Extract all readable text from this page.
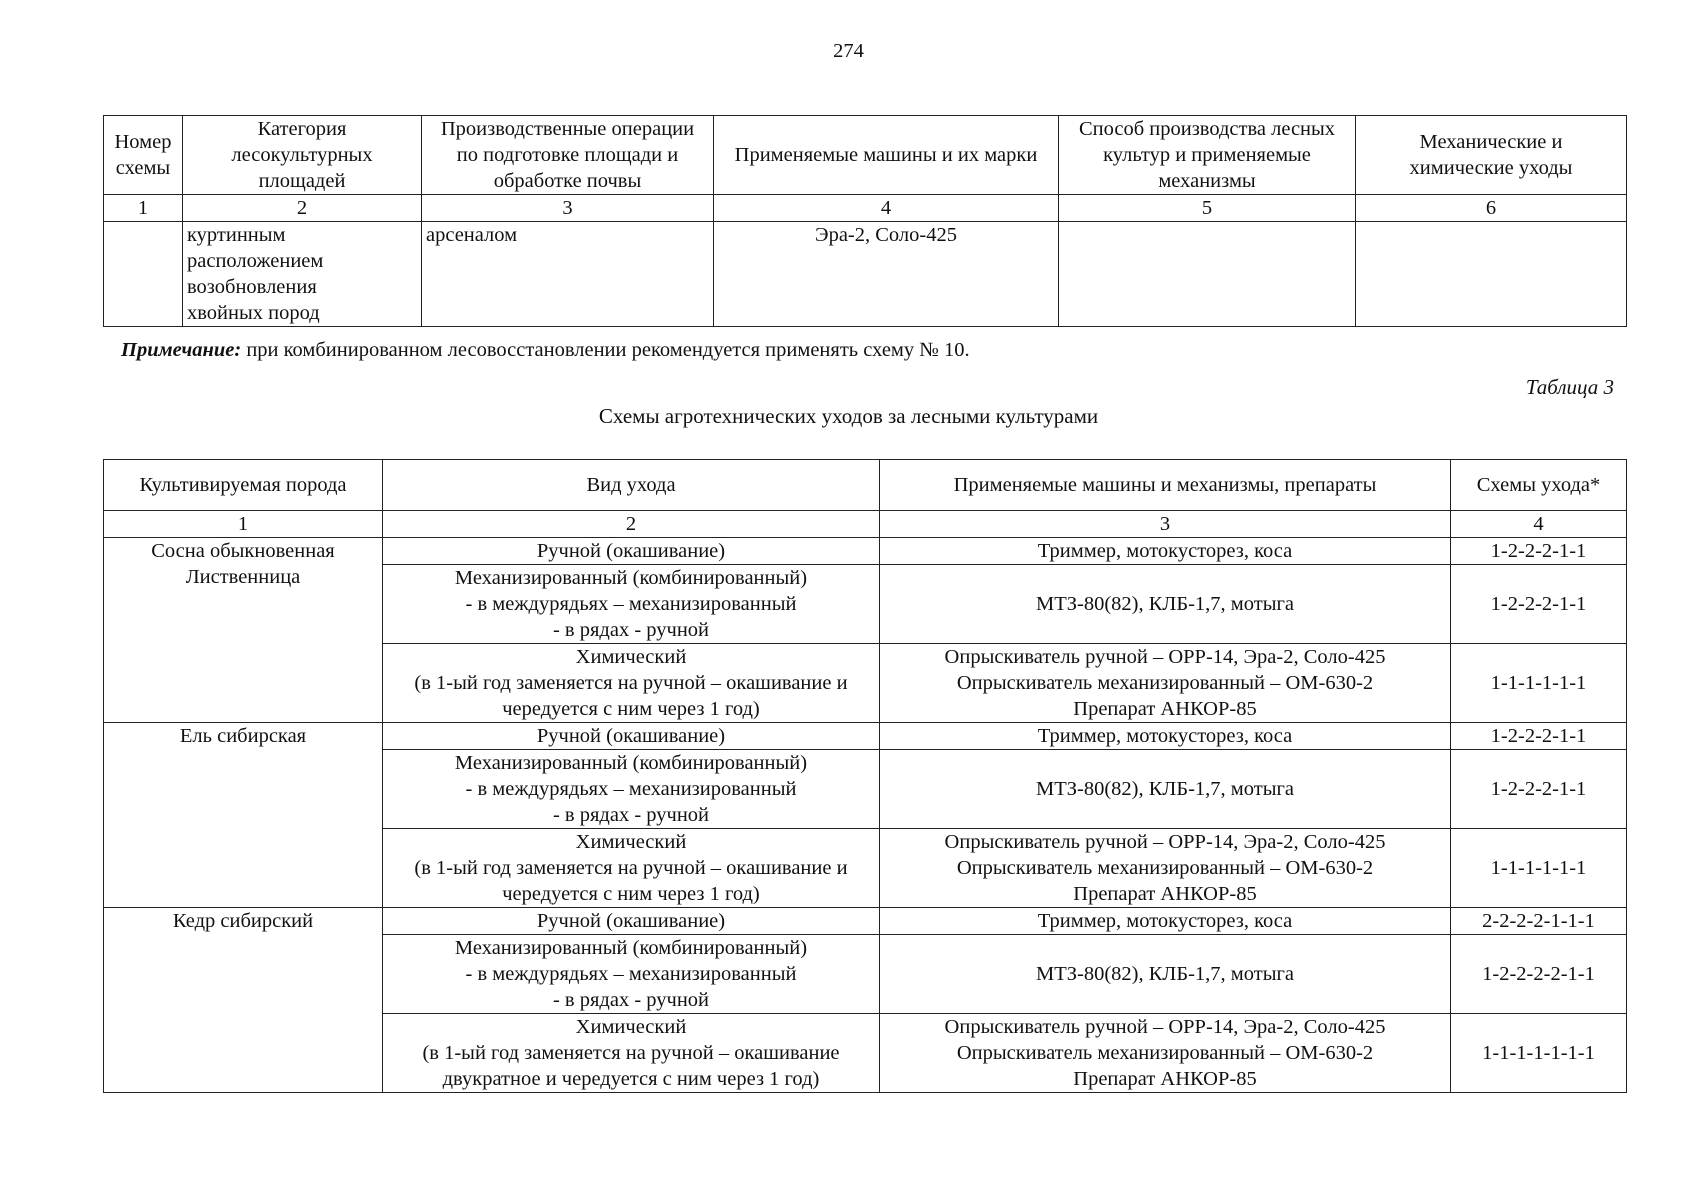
274
Номер
схемы	Категория
лесокультурных
площадей	Производственные операции
по подготовке площади и
обработке почвы	Применяемые машины и их марки	Способ производства лесных
культур и применяемые
механизмы	Механические и
химические уходы
1	2	3	4	5	6
	куртинным
расположением
возобновления
хвойных пород	арсеналом	Эра-2, Соло-425		
Примечание: при комбинированном лесовосстановлении рекомендуется применять схему № 10.
Таблица 3
Схемы агротехнических уходов за лесными культурами
Культивируемая порода	Вид ухода	Применяемые машины и механизмы, препараты	Схемы ухода*
1	2	3	4
Сосна обыкновенная
Лиственница	Ручной (окашивание)	Триммер, мотокусторез, коса	1-2-2-2-1-1
	Механизированный (комбинированный)
- в междурядьях – механизированный
- в рядах - ручной	МТЗ-80(82), КЛБ-1,7, мотыга	1-2-2-2-1-1
	Химический
(в 1-ый год заменяется на ручной – окашивание и
чередуется с ним через 1 год)	Опрыскиватель ручной – ОРР-14, Эра-2, Соло-425
Опрыскиватель механизированный – ОМ-630-2
Препарат АНКОР-85	1-1-1-1-1-1
Ель сибирская	Ручной (окашивание)	Триммер, мотокусторез, коса	1-2-2-2-1-1
	Механизированный (комбинированный)
- в междурядьях – механизированный
- в рядах - ручной	МТЗ-80(82), КЛБ-1,7, мотыга	1-2-2-2-1-1
	Химический
(в 1-ый год заменяется на ручной – окашивание и
чередуется с ним через 1 год)	Опрыскиватель ручной – ОРР-14, Эра-2, Соло-425
Опрыскиватель механизированный – ОМ-630-2
Препарат АНКОР-85	1-1-1-1-1-1
Кедр сибирский	Ручной (окашивание)	Триммер, мотокусторез, коса	2-2-2-2-1-1-1
	Механизированный (комбинированный)
- в междурядьях – механизированный
- в рядах - ручной	МТЗ-80(82), КЛБ-1,7, мотыга	1-2-2-2-2-1-1
	Химический
(в 1-ый год заменяется на ручной – окашивание
двукратное и чередуется с ним через 1 год)	Опрыскиватель ручной – ОРР-14, Эра-2, Соло-425
Опрыскиватель механизированный – ОМ-630-2
Препарат АНКОР-85	1-1-1-1-1-1-1
